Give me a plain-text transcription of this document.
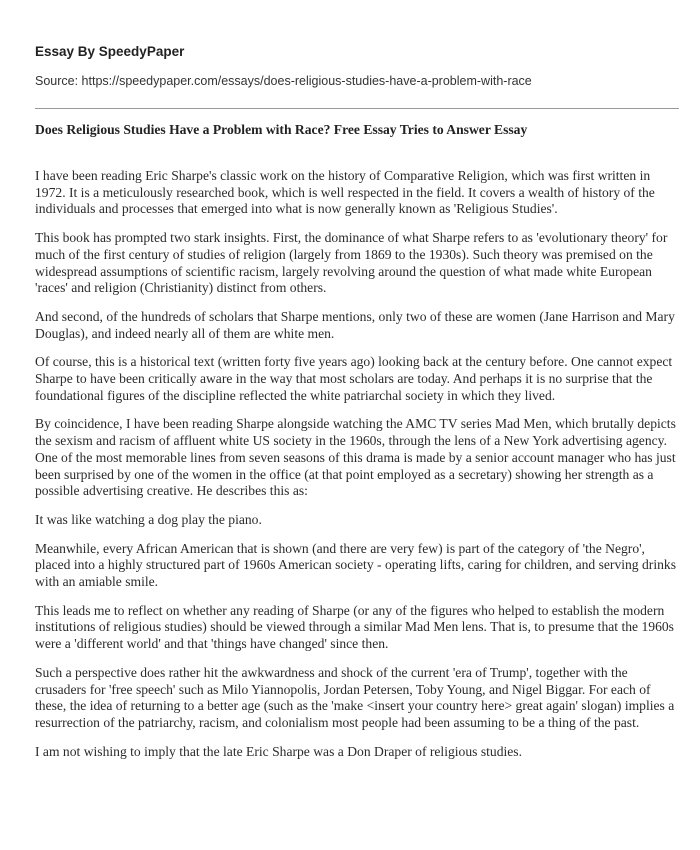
Essay By SpeedyPaper
Source: https://speedypaper.com/essays/does-religious-studies-have-a-problem-with-race
Does Religious Studies Have a Problem with Race? Free Essay Tries to Answer Essay

I have been reading Eric Sharpe's classic work on the history of Comparative Religion, which was first written in 1972. It is a meticulously researched book, which is well respected in the field. It covers a wealth of history of the individuals and processes that emerged into what is now generally known as 'Religious Studies'.

This book has prompted two stark insights. First, the dominance of what Sharpe refers to as 'evolutionary theory' for much of the first century of studies of religion (largely from 1869 to the 1930s). Such theory was premised on the widespread assumptions of scientific racism, largely revolving around the question of what made white European 'races' and religion (Christianity) distinct from others.

And second, of the hundreds of scholars that Sharpe mentions, only two of these are women (Jane Harrison and Mary Douglas), and indeed nearly all of them are white men.

Of course, this is a historical text (written forty five years ago) looking back at the century before. One cannot expect Sharpe to have been critically aware in the way that most scholars are today. And perhaps it is no surprise that the foundational figures of the discipline reflected the white patriarchal society in which they lived.

By coincidence, I have been reading Sharpe alongside watching the AMC TV series Mad Men, which brutally depicts the sexism and racism of affluent white US society in the 1960s, through the lens of a New York advertising agency. One of the most memorable lines from seven seasons of this drama is made by a senior account manager who has just been surprised by one of the women in the office (at that point employed as a secretary) showing her strength as a possible advertising creative. He describes this as:

It was like watching a dog play the piano.

Meanwhile, every African American that is shown (and there are very few) is part of the category of 'the Negro', placed into a highly structured part of 1960s American society - operating lifts, caring for children, and serving drinks with an amiable smile.

This leads me to reflect on whether any reading of Sharpe (or any of the figures who helped to establish the modern institutions of religious studies) should be viewed through a similar Mad Men lens. That is, to presume that the 1960s were a 'different world' and that 'things have changed' since then.

Such a perspective does rather hit the awkwardness and shock of the current 'era of Trump', together with the crusaders for 'free speech' such as Milo Yiannopolis, Jordan Petersen, Toby Young, and Nigel Biggar. For each of these, the idea of returning to a better age (such as the 'make <insert your country here> great again' slogan) implies a resurrection of the patriarchy, racism, and colonialism most people had been assuming to be a thing of the past.

I am not wishing to imply that the late Eric Sharpe was a Don Draper of religious studies.
